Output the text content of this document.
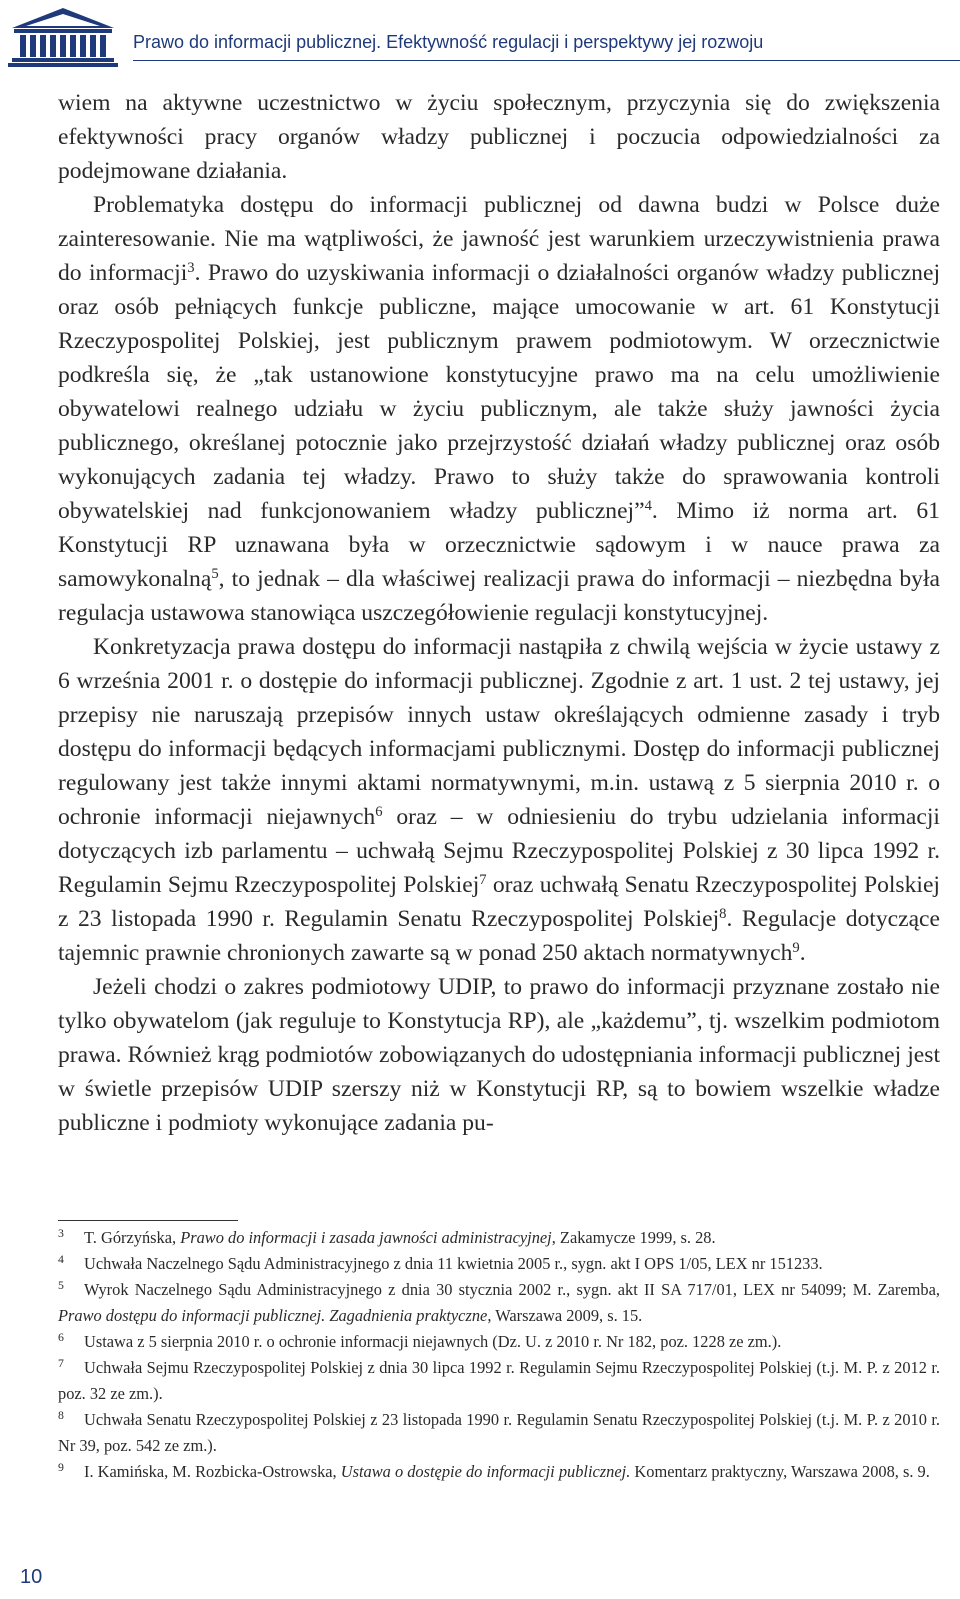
Prawo do informacji publicznej. Efektywność regulacji i perspektywy jej rozwoju

wiem na aktywne uczestnictwo w życiu społecznym, przyczynia się do zwiększenia efektywności pracy organów władzy publicznej i poczucia odpowiedzialności za podejmowane działania.

Problematyka dostępu do informacji publicznej od dawna budzi w Polsce duże zainteresowanie. Nie ma wątpliwości, że jawność jest warunkiem urzeczywistnienia prawa do informacji$^3$. Prawo do uzyskiwania informacji o działalności organów władzy publicznej oraz osób pełniących funkcje publiczne, mające umocowanie w art. 61 Konstytucji Rzeczypospolitej Polskiej, jest publicznym prawem podmiotowym. W orzecznictwie podkreśla się, że „tak ustanowione konstytucyjne prawo ma na celu umożliwienie obywatelowi realnego udziału w życiu publicznym, ale także służy jawności życia publicznego, określanej potocznie jako przejrzystość działań władzy publicznej oraz osób wykonujących zadania tej władzy. Prawo to służy także do sprawowania kontroli obywatelskiej nad funkcjonowaniem władzy publicznej”$^4$. Mimo iż norma art. 61 Konstytucji RP uznawana była w orzecznictwie sądowym i w nauce prawa za samowykonalną$^5$, to jednak – dla właściwej realizacji prawa do informacji – niezbędna była regulacja ustawowa stanowiąca uszczegółowienie regulacji konstytucyjnej.

Konkretyzacja prawa dostępu do informacji nastąpiła z chwilą wejścia w życie ustawy z 6 września 2001 r. o dostępie do informacji publicznej. Zgodnie z art. 1 ust. 2 tej ustawy, jej przepisy nie naruszają przepisów innych ustaw określających odmienne zasady i tryb dostępu do informacji będących informacjami publicznymi. Dostęp do informacji publicznej regulowany jest także innymi aktami normatywnymi, m.in. ustawą z 5 sierpnia 2010 r. o ochronie informacji niejawnych$^6$ oraz – w odniesieniu do trybu udzielania informacji dotyczących izb parlamentu – uchwałą Sejmu Rzeczypospolitej Polskiej z 30 lipca 1992 r. Regulamin Sejmu Rzeczypospolitej Polskiej$^7$ oraz uchwałą Senatu Rzeczypospolitej Polskiej z 23 listopada 1990 r. Regulamin Senatu Rzeczypospolitej Polskiej$^8$. Regulacje dotyczące tajemnic prawnie chronionych zawarte są w ponad 250 aktach normatywnych$^9$.

Jeżeli chodzi o zakres podmiotowy UDIP, to prawo do informacji przyznane zostało nie tylko obywatelom (jak reguluje to Konstytucja RP), ale „każdemu”, tj. wszelkim podmiotom prawa. Również krąg podmiotów zobowiązanych do udostępniania informacji publicznej jest w świetle przepisów UDIP szerszy niż w Konstytucji RP, są to bowiem wszelkie władze publiczne i podmioty wykonujące zadania pu-

3 T. Górzyńska, Prawo do informacji i zasada jawności administracyjnej, Zakamycze 1999, s. 28.

4 Uchwała Naczelnego Sądu Administracyjnego z dnia 11 kwietnia 2005 r., sygn. akt I OPS 1/05, LEX nr 151233.

5 Wyrok Naczelnego Sądu Administracyjnego z dnia 30 stycznia 2002 r., sygn. akt II SA 717/01, LEX nr 54099; M. Zaremba, Prawo dostępu do informacji publicznej. Zagadnienia praktyczne, Warszawa 2009, s. 15.

6 Ustawa z 5 sierpnia 2010 r. o ochronie informacji niejawnych (Dz. U. z 2010 r. Nr 182, poz. 1228 ze zm.).

7 Uchwała Sejmu Rzeczypospolitej Polskiej z dnia 30 lipca 1992 r. Regulamin Sejmu Rzeczypospolitej Polskiej (t.j. M. P. z 2012 r. poz. 32 ze zm.).

8 Uchwała Senatu Rzeczypospolitej Polskiej z 23 listopada 1990 r. Regulamin Senatu Rzeczypospolitej Polskiej (t.j. M. P. z 2010 r. Nr 39, poz. 542 ze zm.).

9 I. Kamińska, M. Rozbicka-Ostrowska, Ustawa o dostępie do informacji publicznej. Komentarz praktyczny, Warszawa 2008, s. 9.

10
